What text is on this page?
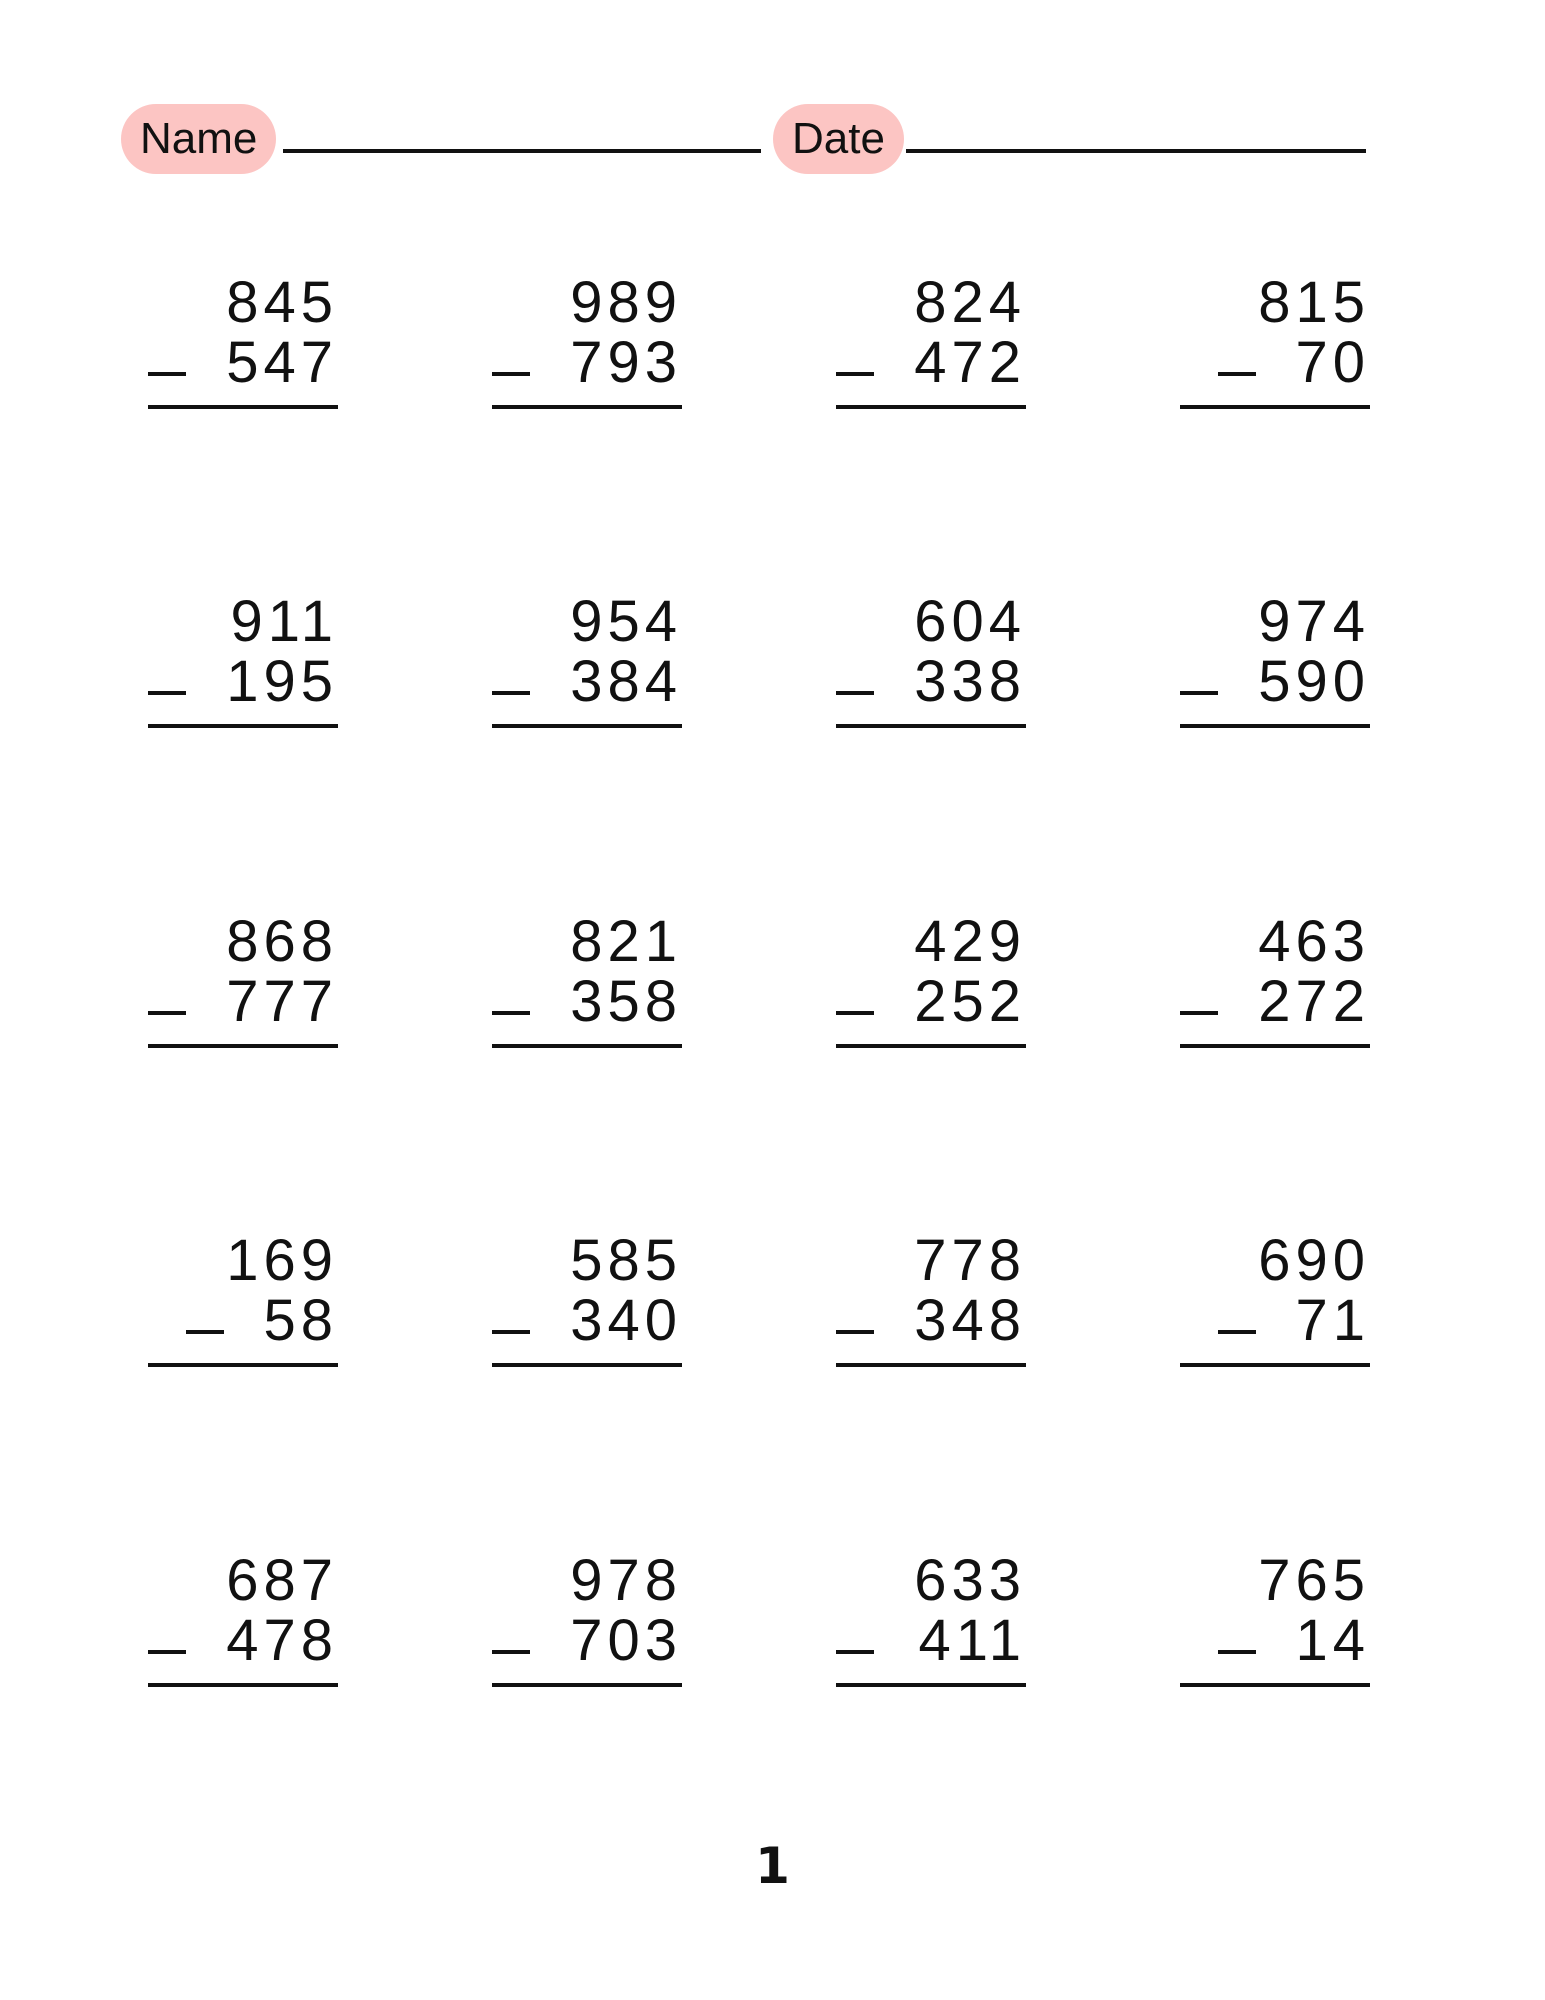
Name	Date
845
547
989
793
824
472
815
70
911
195
954
384
604
338
974
590
868
777
821
358
429
252
463
272
169
58
585
340
778
348
690
71
687
478
978
703
633
411
765
14
1
